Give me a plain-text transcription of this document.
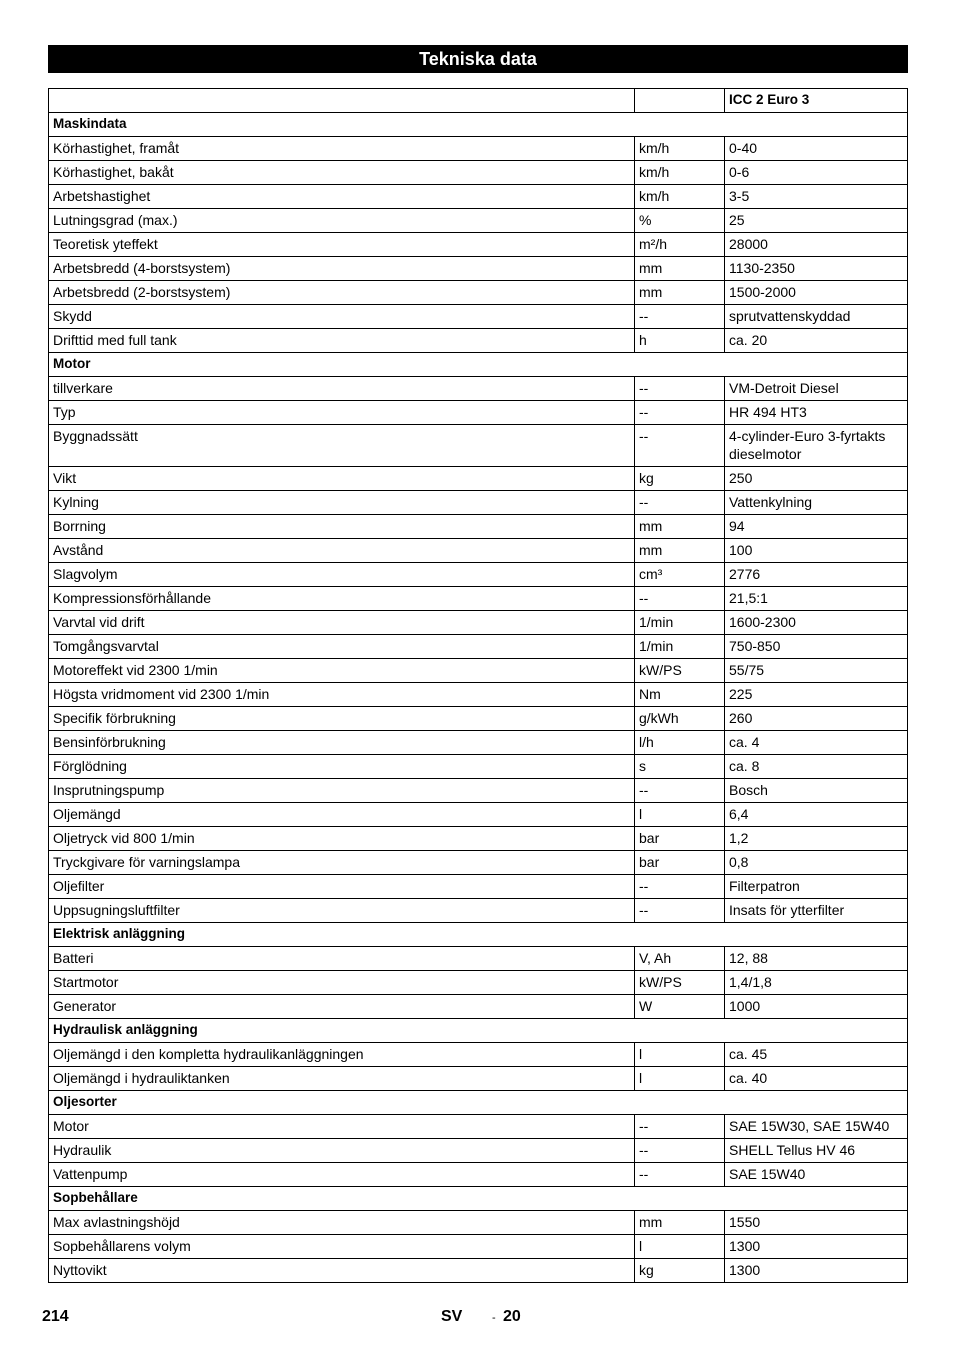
Tekniska data
		ICC 2 Euro 3
Maskindata		
Körhastighet, framåt	km/h	0-40
Körhastighet, bakåt	km/h	0-6
Arbetshastighet	km/h	3-5
Lutningsgrad (max.)	%	25
Teoretisk yteffekt	m²/h	28000
Arbetsbredd (4-borstsystem)	mm	1130-2350
Arbetsbredd (2-borstsystem)	mm	1500-2000
Skydd	--	sprutvattenskyddad
Drifttid med full tank	h	ca. 20
Motor		
tillverkare	--	VM-Detroit Diesel
Typ	--	HR 494 HT3
Byggnadssätt	--	4-cylinder-Euro 3-fyrtakts dieselmotor
Vikt	kg	250
Kylning	--	Vattenkylning
Borrning	mm	94
Avstånd	mm	100
Slagvolym	cm³	2776
Kompressionsförhållande	--	21,5:1
Varvtal vid drift	1/min	1600-2300
Tomgångsvarvtal	1/min	750-850
Motoreffekt vid 2300 1/min	kW/PS	55/75
Högsta vridmoment vid 2300 1/min	Nm	225
Specifik förbrukning	g/kWh	260
Bensinförbrukning	l/h	ca. 4
Förglödning	s	ca. 8
Insprutningspump	--	Bosch
Oljemängd	l	6,4
Oljetryck vid 800 1/min	bar	1,2
Tryckgivare för varningslampa	bar	0,8
Oljefilter	--	Filterpatron
Uppsugningsluftfilter	--	Insats för ytterfilter
Elektrisk anläggning		
Batteri	V, Ah	12, 88
Startmotor	kW/PS	1,4/1,8
Generator	W	1000
Hydraulisk anläggning		
Oljemängd i den kompletta hydraulikanläggningen	l	ca. 45
Oljemängd i hydrauliktanken	l	ca. 40
Oljesorter		
Motor	--	SAE 15W30, SAE 15W40
Hydraulik	--	SHELL Tellus HV 46
Vattenpump	--	SAE 15W40
Sopbehållare		
Max avlastningshöjd	mm	1550
Sopbehållarens volym	l	1300
Nyttovikt	kg	1300
214	SV	- 20
